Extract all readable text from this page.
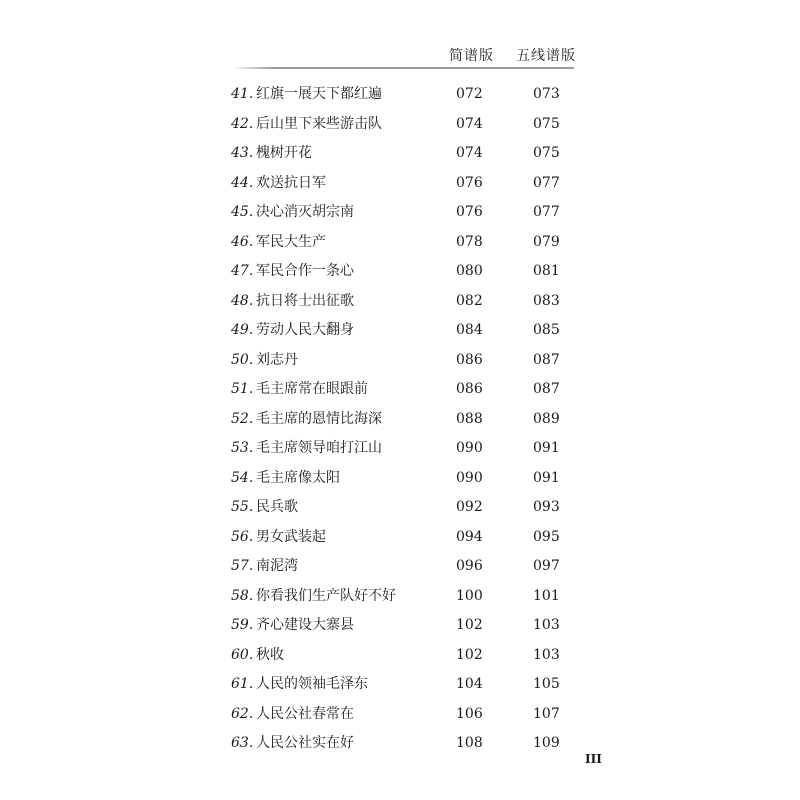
简谱版 五线谱版
41. 红旗一展天下都红遍	072	073
42. 后山里下来些游击队	074	075
43. 槐树开花	074	075
44. 欢送抗日军	076	077
45. 决心消灭胡宗南	076	077
46. 军民大生产	078	079
47. 军民合作一条心	080	081
48. 抗日将士出征歌	082	083
49. 劳动人民大翻身	084	085
50. 刘志丹	086	087
51. 毛主席常在眼跟前	086	087
52. 毛主席的恩情比海深	088	089
53. 毛主席领导咱打江山	090	091
54. 毛主席像太阳	090	091
55. 民兵歌	092	093
56. 男女武装起	094	095
57. 南泥湾	096	097
58. 你看我们生产队好不好	100	101
59. 齐心建设大寨县	102	103
60. 秋收	102	103
61. 人民的领袖毛泽东	104	105
62. 人民公社春常在	106	107
63. 人民公社实在好	108	109
III
